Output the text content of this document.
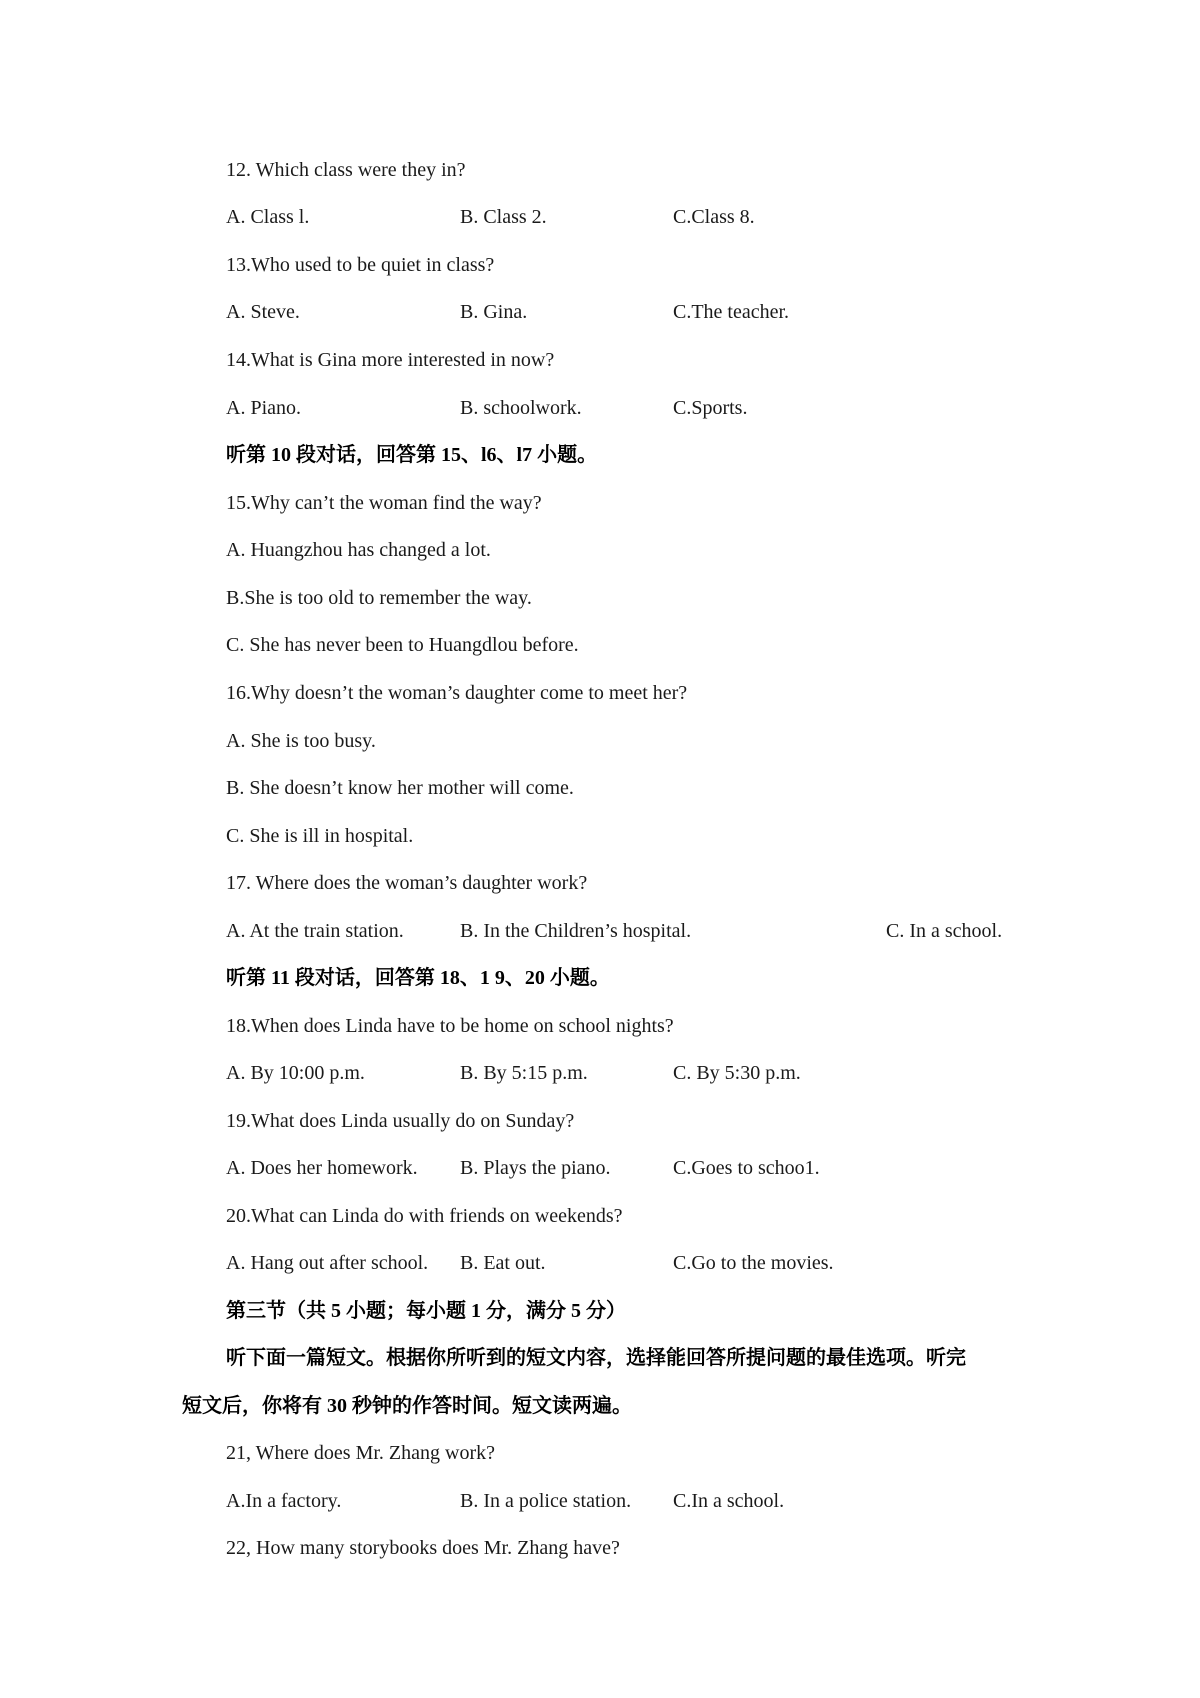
12. Which class were they in?
A. Class l.	B. Class 2.	C.Class 8.
13.Who used to be quiet in class?
A. Steve.	B. Gina.	C.The teacher.
14.What is Gina more interested in now?
A. Piano.	B. schoolwork.	C.Sports.
听第 10 段对话，回答第 15、l6、l7 小题。
15.Why can’t the woman find the way?
A. Huangzhou has changed a lot.
B.She is too old to remember the way.
C. She has never been to Huangdlou before.
16.Why doesn’t the woman’s daughter come to meet her?
A. She is too busy.
B. She doesn’t know her mother will come.
C. She is ill in hospital.
17. Where does the woman’s daughter work?
A. At the train station.	B. In the Children’s hospital.	C. In a school.
听第 11 段对话，回答第 18、1 9、20 小题。
18.When does Linda have to be home on school nights?
A. By 10:00 p.m.	B. By 5:15 p.m.	C. By 5:30 p.m.
19.What does Linda usually do on Sunday?
A. Does her homework. B. Plays the piano.	C.Goes to schoo1.
20.What can Linda do with friends on weekends?
A. Hang out after school. B. Eat out.	C.Go to the movies.
第三节（共 5 小题；每小题 1 分，满分 5 分）
听下面一篇短文。根据你所听到的短文内容，选择能回答所提问题的最佳选项。听完
短文后，你将有 30 秒钟的作答时间。短文读两遍。
21, Where does Mr. Zhang work?
A.In a factory.	B. In a police station. C.In a school.
22, How many storybooks does Mr. Zhang have?
